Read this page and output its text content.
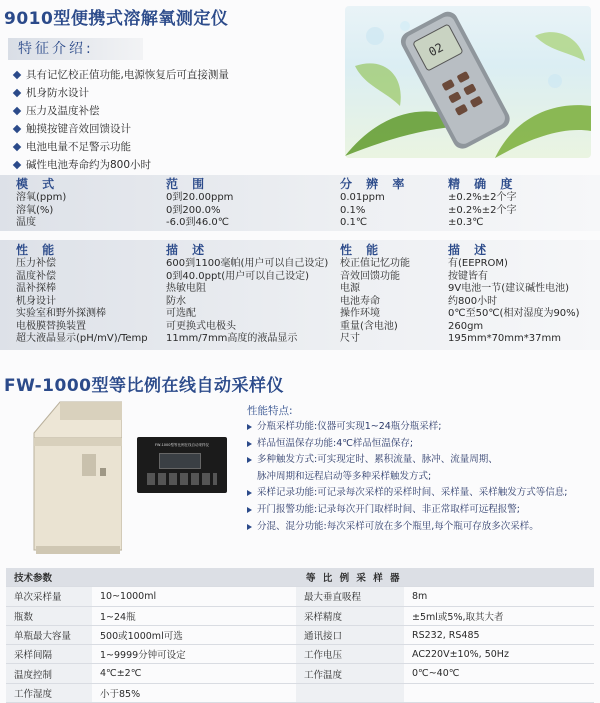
9010型便携式溶解氧测定仪
特征介绍:
具有记忆校正值功能,电源恢复后可直接测量
机身防水设计
压力及温度补偿
触摸按键音效回馈设计
电池电量不足警示功能
碱性电池寿命约为800小时
02
模 式	范 围	分 辨 率	精 确 度
溶氧(ppm)	0到20.00ppm	0.01ppm	±0.2%±2个字
溶氧(%)	0到200.0%	0.1%	±0.2%±2个字
温度	-6.0到46.0℃	0.1℃	±0.3℃
性 能	描 述	性 能	描 述
压力补偿	600到1100毫帕(用户可以自己设定)	校正值记忆功能	有(EEPROM)
温度补偿	0到40.0ppt(用户可以自己设定)	音效回馈功能	按键皆有
温补探棒	热敏电阻	电源	9V电池一节(建议碱性电池)
机身设计	防水	电池寿命	约800小时
实验室和野外探测棒	可选配	操作环境	0℃至50℃(相对湿度为90%)
电极膜替换装置	可更换式电极头	重量(含电池)	260gm
超大液晶显示(pH/mV)/Temp	11mm/7mm高度的液晶显示	尺寸	195mm*70mm*37mm
FW-1000型等比例在线自动采样仪
FW-1000型等比例在线自动采样仪
性能特点:
分瓶采样功能:仪器可实现1~24瓶分瓶采样;
样品恒温保存功能:4℃样品恒温保存;
多种触发方式:可实现定时、累积流量、脉冲、流量周期、
脉冲周期和远程启动等多种采样触发方式;
采样记录功能:可记录每次采样的采样时间、采样量、采样触发方式等信息;
开门报警功能:记录每次开门取样时间、非正常取样可远程报警;
分混、混分功能:每次采样可放在多个瓶里,每个瓶可存放多次采样。
技术参数		等 比 例 采 样 器	
单次采样量	10~1000ml	最大垂直吸程	8m
瓶数	1~24瓶	采样精度	±5ml或5%,取其大者
单瓶最大容量	500或1000ml可选	通讯接口	RS232, RS485
采样间隔	1~9999分钟可设定	工作电压	AC220V±10%, 50Hz
温度控制	4℃±2℃	工作温度	0℃~40℃
工作湿度	小于85%		
